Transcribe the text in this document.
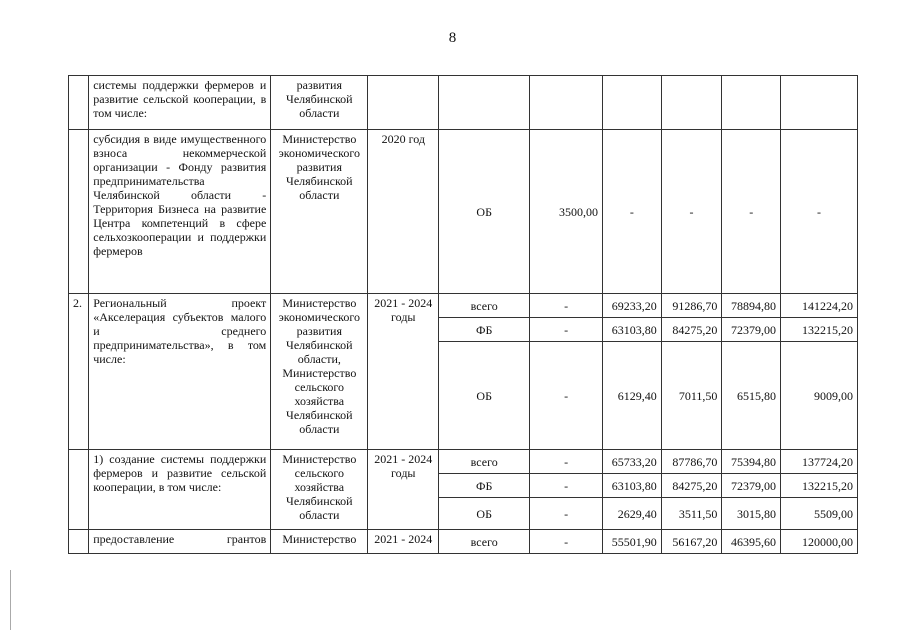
8
	системы поддержки фермеров и развитие сельской кооперации, в том числе:	развития Челябинской области							
	субсидия в виде имущественного взноса некоммерческой организации - Фонду развития предпринимательства Челябинской области - Территория Бизнеса на развитие Центра компетенций в сфере сельхозкооперации и поддержки фермеров	Министерство экономического развития Челябинской области	2020 год	ОБ	3500,00	-	-	-	-
2.	Региональный проект «Акселерация субъектов малого и среднего предпринимательства», в том числе:	Министерство экономического развития Челябинской области, Министерство сельского хозяйства Челябинской области	2021 - 2024 годы	всего	-	69233,20	91286,70	78894,80	141224,20
				ФБ	-	63103,80	84275,20	72379,00	132215,20
				ОБ	-	6129,40	7011,50	6515,80	9009,00
	1) создание системы поддержки фермеров и развитие сельской кооперации, в том числе:	Министерство сельского хозяйства Челябинской области	2021 - 2024 годы	всего	-	65733,20	87786,70	75394,80	137724,20
				ФБ	-	63103,80	84275,20	72379,00	132215,20
				ОБ	-	2629,40	3511,50	3015,80	5509,00
	предоставление грантов	Министерство	2021 - 2024	всего	-	55501,90	56167,20	46395,60	120000,00
